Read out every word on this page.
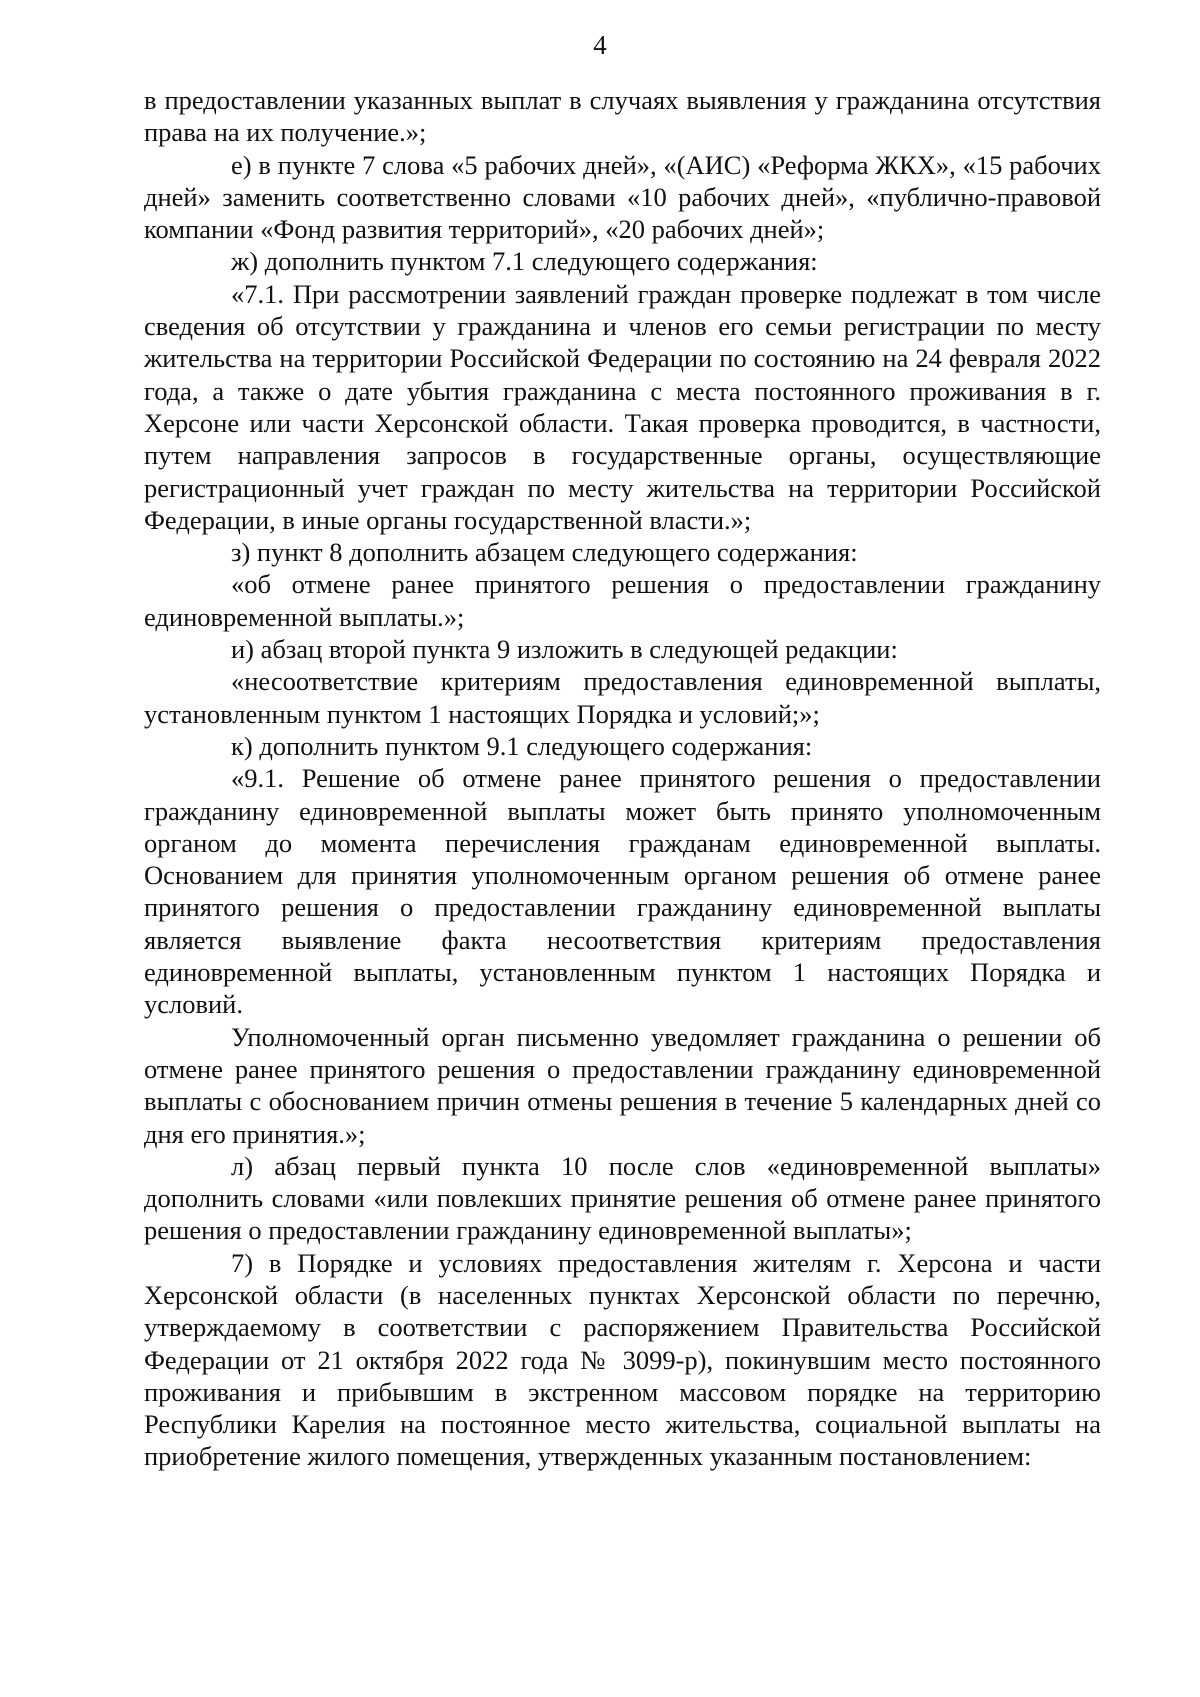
4

в предоставлении указанных выплат в случаях выявления у гражданина отсутствия права на их получение.»;

е) в пункте 7 слова «5 рабочих дней», «(АИС) «Реформа ЖКХ», «15 рабочих дней» заменить соответственно словами «10 рабочих дней», «публично-правовой компании «Фонд развития территорий», «20 рабочих дней»;

ж) дополнить пунктом 7.1 следующего содержания:

«7.1. При рассмотрении заявлений граждан проверке подлежат в том числе сведения об отсутствии у гражданина и членов его семьи регистрации по месту жительства на территории Российской Федерации по состоянию на 24 февраля 2022 года, а также о дате убытия гражданина с места постоянного проживания в г. Херсоне или части Херсонской области. Такая проверка проводится, в частности, путем направления запросов в государственные органы, осуществляющие регистрационный учет граждан по месту жительства на территории Российской Федерации, в иные органы государственной власти.»;

з) пункт 8 дополнить абзацем следующего содержания:

«об отмене ранее принятого решения о предоставлении гражданину единовременной выплаты.»;

и) абзац второй пункта 9 изложить в следующей редакции:

«несоответствие критериям предоставления единовременной выплаты, установленным пунктом 1 настоящих Порядка и условий;»;

к) дополнить пунктом 9.1 следующего содержания:

«9.1. Решение об отмене ранее принятого решения о предоставлении гражданину единовременной выплаты может быть принято уполномоченным органом до момента перечисления гражданам единовременной выплаты. Основанием для принятия уполномоченным органом решения об отмене ранее принятого решения о предоставлении гражданину единовременной выплаты является выявление факта несоответствия критериям предоставления единовременной выплаты, установленным пунктом 1 настоящих Порядка и условий.

Уполномоченный орган письменно уведомляет гражданина о решении об отмене ранее принятого решения о предоставлении гражданину единовременной выплаты с обоснованием причин отмены решения в течение 5 календарных дней со дня его принятия.»;

л) абзац первый пункта 10 после слов «единовременной выплаты» дополнить словами «или повлекших принятие решения об отмене ранее принятого решения о предоставлении гражданину единовременной выплаты»;

7) в Порядке и условиях предоставления жителям г. Херсона и части Херсонской области (в населенных пунктах Херсонской области по перечню, утверждаемому в соответствии с распоряжением Правительства Российской Федерации от 21 октября 2022 года № 3099-р), покинувшим место постоянного проживания и прибывшим в экстренном массовом порядке на территорию Республики Карелия на постоянное место жительства, социальной выплаты на приобретение жилого помещения, утвержденных указанным постановлением:
